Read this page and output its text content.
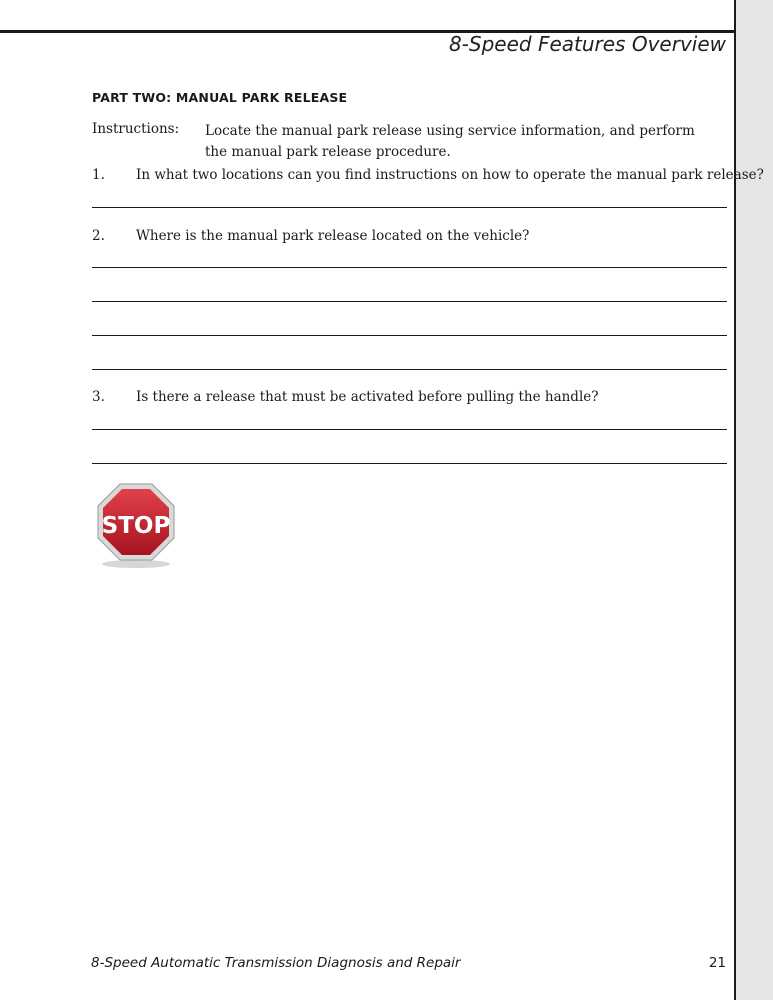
8-Speed Features Overview
PART TWO: MANUAL PARK RELEASE
Instructions: Locate the manual park release using service information, and perform the manual park release procedure.
1. In what two locations can you find instructions on how to operate the manual park release?
2. Where is the manual park release located on the vehicle?
3. Is there a release that must be activated before pulling the handle?
STOP
8-Speed Automatic Transmission Diagnosis and Repair	21
